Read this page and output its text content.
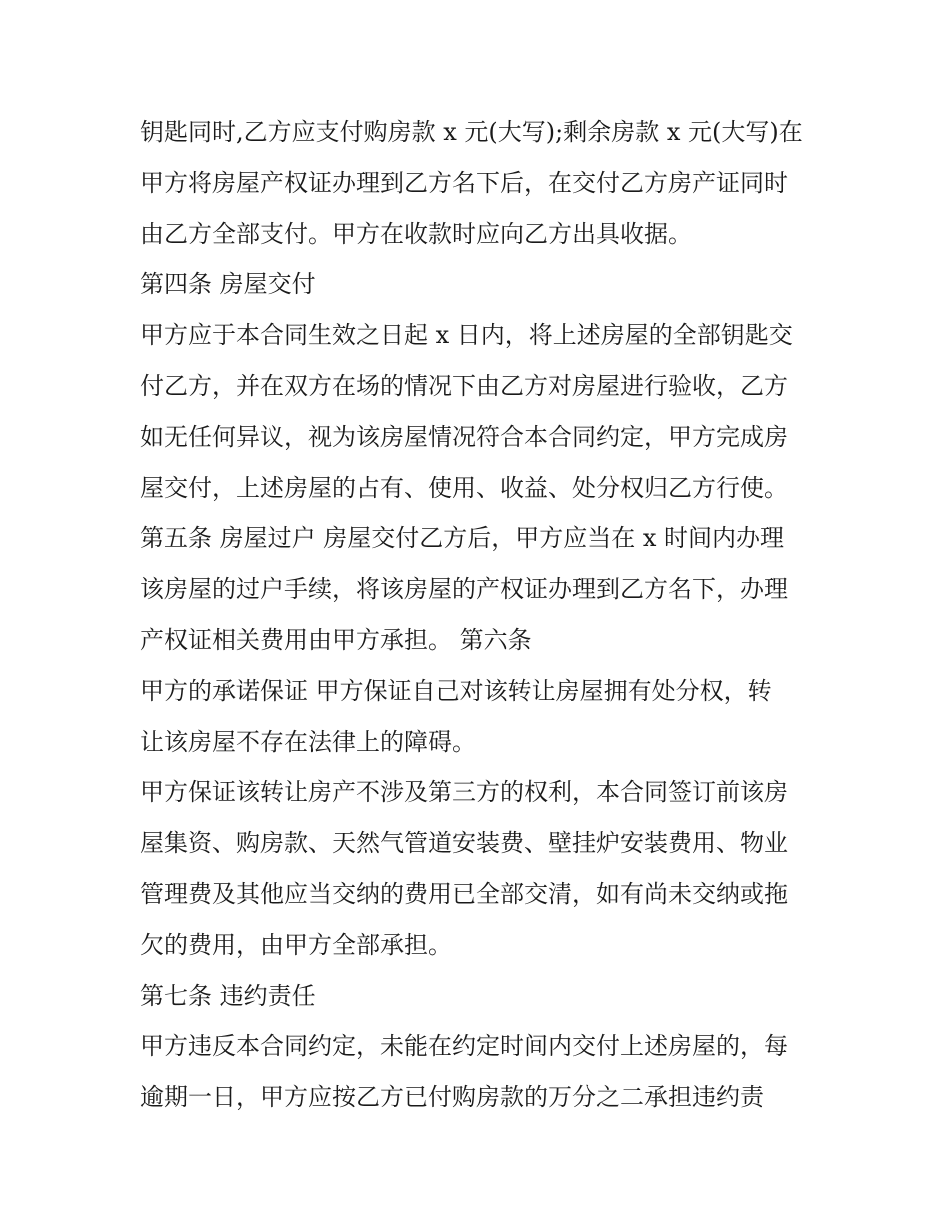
钥匙同时,乙方应支付购房款 x 元(大写);剩余房款 x 元(大写)在
甲方将房屋产权证办理到乙方名下后，在交付乙方房产证同时
由乙方全部支付。甲方在收款时应向乙方出具收据。
第四条 房屋交付
甲方应于本合同生效之日起 x 日内，将上述房屋的全部钥匙交
付乙方，并在双方在场的情况下由乙方对房屋进行验收，乙方
如无任何异议，视为该房屋情况符合本合同约定，甲方完成房
屋交付，上述房屋的占有、使用、收益、处分权归乙方行使。
第五条 房屋过户 房屋交付乙方后，甲方应当在 x 时间内办理
该房屋的过户手续，将该房屋的产权证办理到乙方名下，办理
产权证相关费用由甲方承担。 第六条
甲方的承诺保证 甲方保证自己对该转让房屋拥有处分权，转
让该房屋不存在法律上的障碍。
甲方保证该转让房产不涉及第三方的权利，本合同签订前该房
屋集资、购房款、天然气管道安装费、壁挂炉安装费用、物业
管理费及其他应当交纳的费用已全部交清，如有尚未交纳或拖
欠的费用，由甲方全部承担。
第七条 违约责任
甲方违反本合同约定，未能在约定时间内交付上述房屋的，每
逾期一日，甲方应按乙方已付购房款的万分之二承担违约责
